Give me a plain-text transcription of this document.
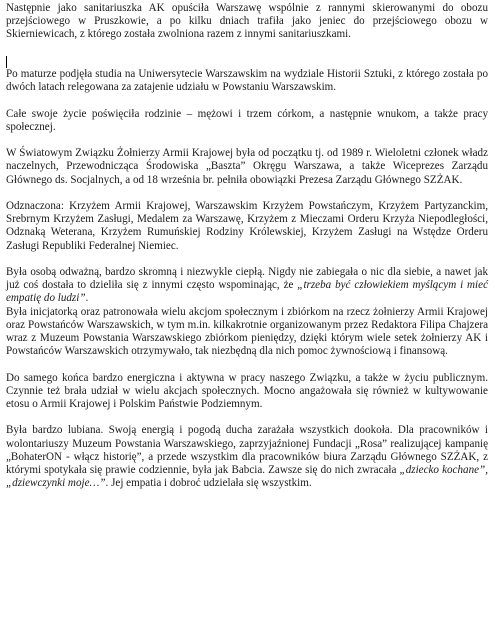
Następnie jako sanitariuszka AK opuściła Warszawę wspólnie z rannymi skierowanymi do obozu przejściowego w Pruszkowie, a po kilku dniach trafiła jako jeniec do przejściowego obozu w Skierniewicach, z którego została zwolniona razem z innymi sanitariuszkami.

Po maturze podjęła studia na Uniwersytecie Warszawskim na wydziale Historii Sztuki, z którego została po dwóch latach relegowana za zatajenie udziału w Powstaniu Warszawskim.

Całe swoje życie poświęciła rodzinie – mężowi i trzem córkom, a następnie wnukom, a także pracy społecznej.

W Światowym Związku Żołnierzy Armii Krajowej była od początku tj. od 1989 r. Wieloletni członek władz naczelnych, Przewodnicząca Środowiska „Baszta” Okręgu Warszawa, a także Wiceprezes Zarządu Głównego ds. Socjalnych, a od 18 września br. pełniła obowiązki Prezesa Zarządu Głównego SZŻAK.

Odznaczona: Krzyżem Armii Krajowej, Warszawskim Krzyżem Powstańczym, Krzyżem Partyzanckim, Srebrnym Krzyżem Zasługi, Medalem za Warszawę, Krzyżem z Mieczami Orderu Krzyża Niepodległości, Odznaką Weterana, Krzyżem Rumuńskiej Rodziny Królewskiej, Krzyżem Zasługi na Wstędze Orderu Zasługi Republiki Federalnej Niemiec.

Była osobą odważną, bardzo skromną i niezwykle ciepłą. Nigdy nie zabiegała o nic dla siebie, a nawet jak już coś dostała to dzieliła się z innymi często wspominając, że „trzeba być człowiekiem myślącym i mieć empatię do ludzi”.

Była inicjatorką oraz patronowała wielu akcjom społecznym i zbiórkom na rzecz żołnierzy Armii Krajowej oraz Powstańców Warszawskich, w tym m.in. kilkakrotnie organizowanym przez Redaktora Filipa Chajzera wraz z Muzeum Powstania Warszawskiego zbiórkom pieniędzy, dzięki którym wiele setek żołnierzy AK i Powstańców Warszawskich otrzymywało, tak niezbędną dla nich pomoc żywnościową i finansową.

Do samego końca bardzo energiczna i aktywna w pracy naszego Związku, a także w życiu publicznym. Czynnie też brała udział w wielu akcjach społecznych. Mocno angażowała się również w kultywowanie etosu o Armii Krajowej i Polskim Państwie Podziemnym.

Była bardzo lubiana. Swoją energią i pogodą ducha zarażała wszystkich dookoła. Dla pracowników i wolontariuszy Muzeum Powstania Warszawskiego, zaprzyjaźnionej Fundacji „Rosa” realizującej kampanię „BohaterON - włącz historię”, a przede wszystkim dla pracowników biura Zarządu Głównego SZŻAK, z którymi spotykała się prawie codziennie, była jak Babcia. Zawsze się do nich zwracała „dziecko kochane”, „dziewczynki moje…”. Jej empatia i dobroć udzielała się wszystkim.
